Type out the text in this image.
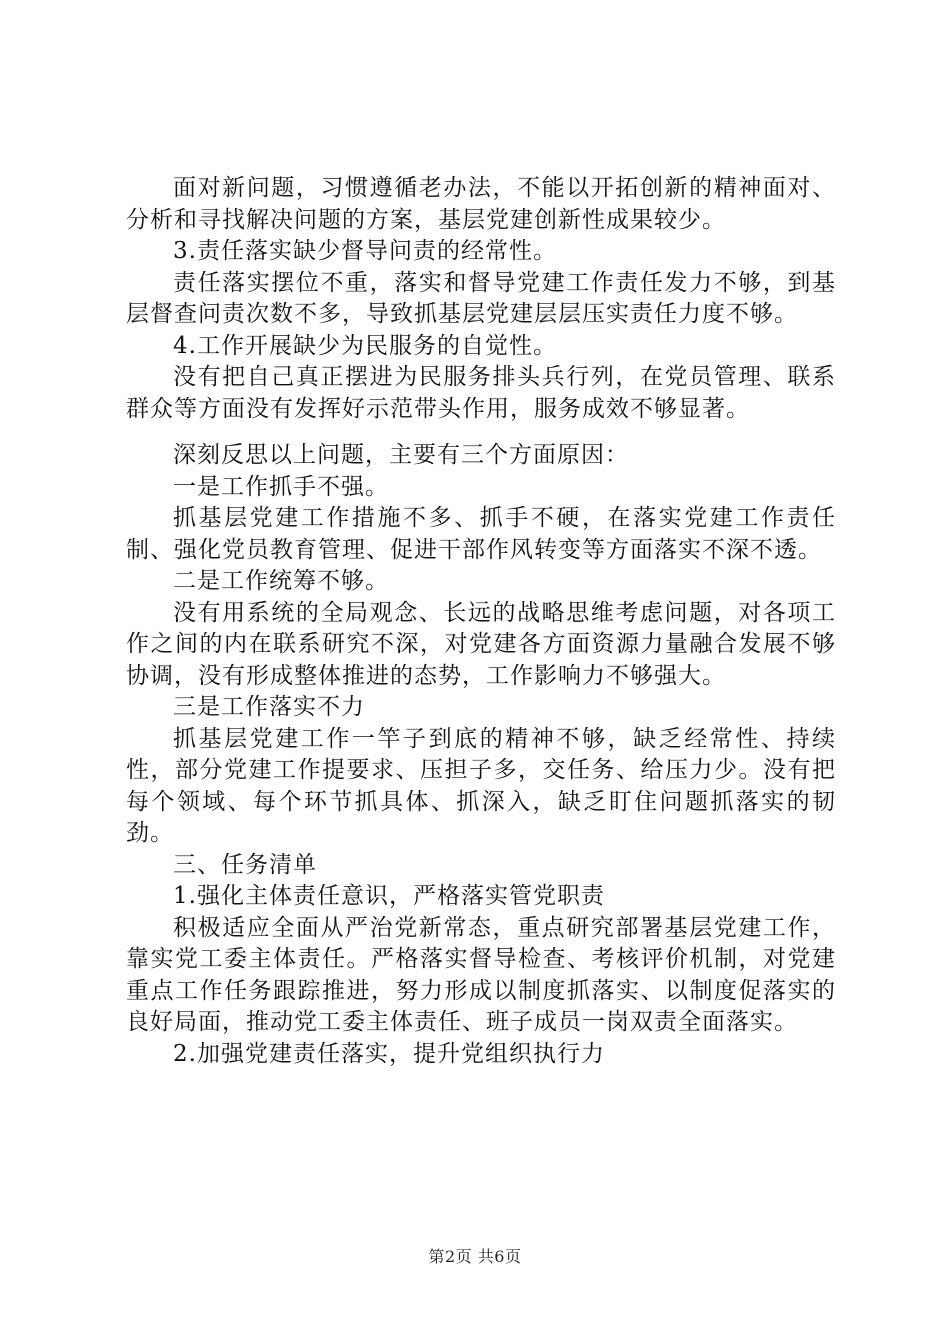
面对新问题，习惯遵循老办法，不能以开拓创新的精神面对、分析和寻找解决问题的方案，基层党建创新性成果较少。

3.责任落实缺少督导问责的经常性。

责任落实摆位不重，落实和督导党建工作责任发力不够，到基层督查问责次数不多，导致抓基层党建层层压实责任力度不够。

4.工作开展缺少为民服务的自觉性。

没有把自己真正摆进为民服务排头兵行列，在党员管理、联系群众等方面没有发挥好示范带头作用，服务成效不够显著。

深刻反思以上问题，主要有三个方面原因：

一是工作抓手不强。

抓基层党建工作措施不多、抓手不硬，在落实党建工作责任制、强化党员教育管理、促进干部作风转变等方面落实不深不透。

二是工作统筹不够。

没有用系统的全局观念、长远的战略思维考虑问题，对各项工作之间的内在联系研究不深，对党建各方面资源力量融合发展不够协调，没有形成整体推进的态势，工作影响力不够强大。

三是工作落实不力

抓基层党建工作一竿子到底的精神不够，缺乏经常性、持续性，部分党建工作提要求、压担子多，交任务、给压力少。没有把每个领域、每个环节抓具体、抓深入，缺乏盯住问题抓落实的韧劲。

三、任务清单

1.强化主体责任意识，严格落实管党职责

积极适应全面从严治党新常态，重点研究部署基层党建工作，靠实党工委主体责任。严格落实督导检查、考核评价机制，对党建重点工作任务跟踪推进，努力形成以制度抓落实、以制度促落实的良好局面，推动党工委主体责任、班子成员一岗双责全面落实。

2.加强党建责任落实，提升党组织执行力

第2页 共6页
